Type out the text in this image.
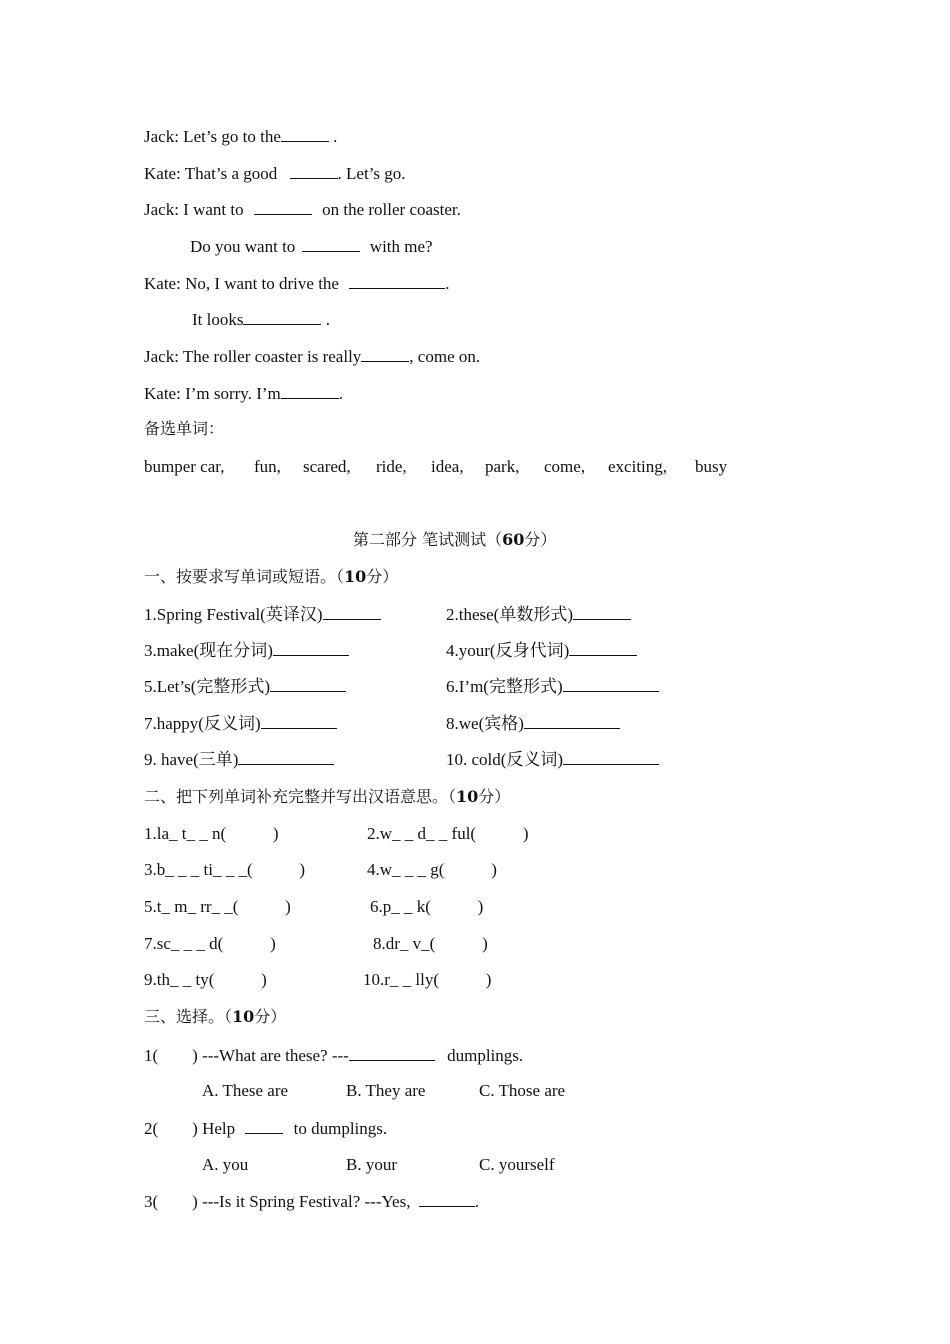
Jack: Let’s go to the	.
Kate: That’s a good	. Let’s go.
Jack: I want to	on the roller coaster.
Do you want to	with me?
Kate: No, I want to drive the	.
It looks	.
Jack: The roller coaster is really	, come on.
Kate: I’m sorry. I’m	.
备选单词：
bumper car, fun, scared, ride, idea, park, come, exciting, busy
第二部分 笔试测试（60分）
一、按要求写单词或短语。（10分）
1.Spring Festival(英译汉)	2.these(单数形式)
3.make(现在分词)	4.your(反身代词)
5.Let’s(完整形式)	6.I’m(完整形式)
7.happy(反义词)	8.we(宾格)
9. have(三单)	10. cold(反义词)
二、把下列单词补充完整并写出汉语意思。（10分）
1.la_ t_ _ n(           )	2.w_ _ d_ _ ful(           )
3.b_ _ _ ti_ _ _(           )	4.w_ _ _ g(           )
5.t_ m_ rr_ _(           )	6.p_ _ k(           )
7.sc_ _ _ d(           )	8.dr_ v_(           )
9.th_ _ ty(           )	10.r_ _ lly(           )
三、选择。（10分）
1(        ) ---What are these? ---	dumplings.
A. These are	B. They are	C. Those are
2(        ) Help	to dumplings.
A. you	B. your	C. yourself
3(        ) ---Is it Spring Festival? ---Yes,	.
